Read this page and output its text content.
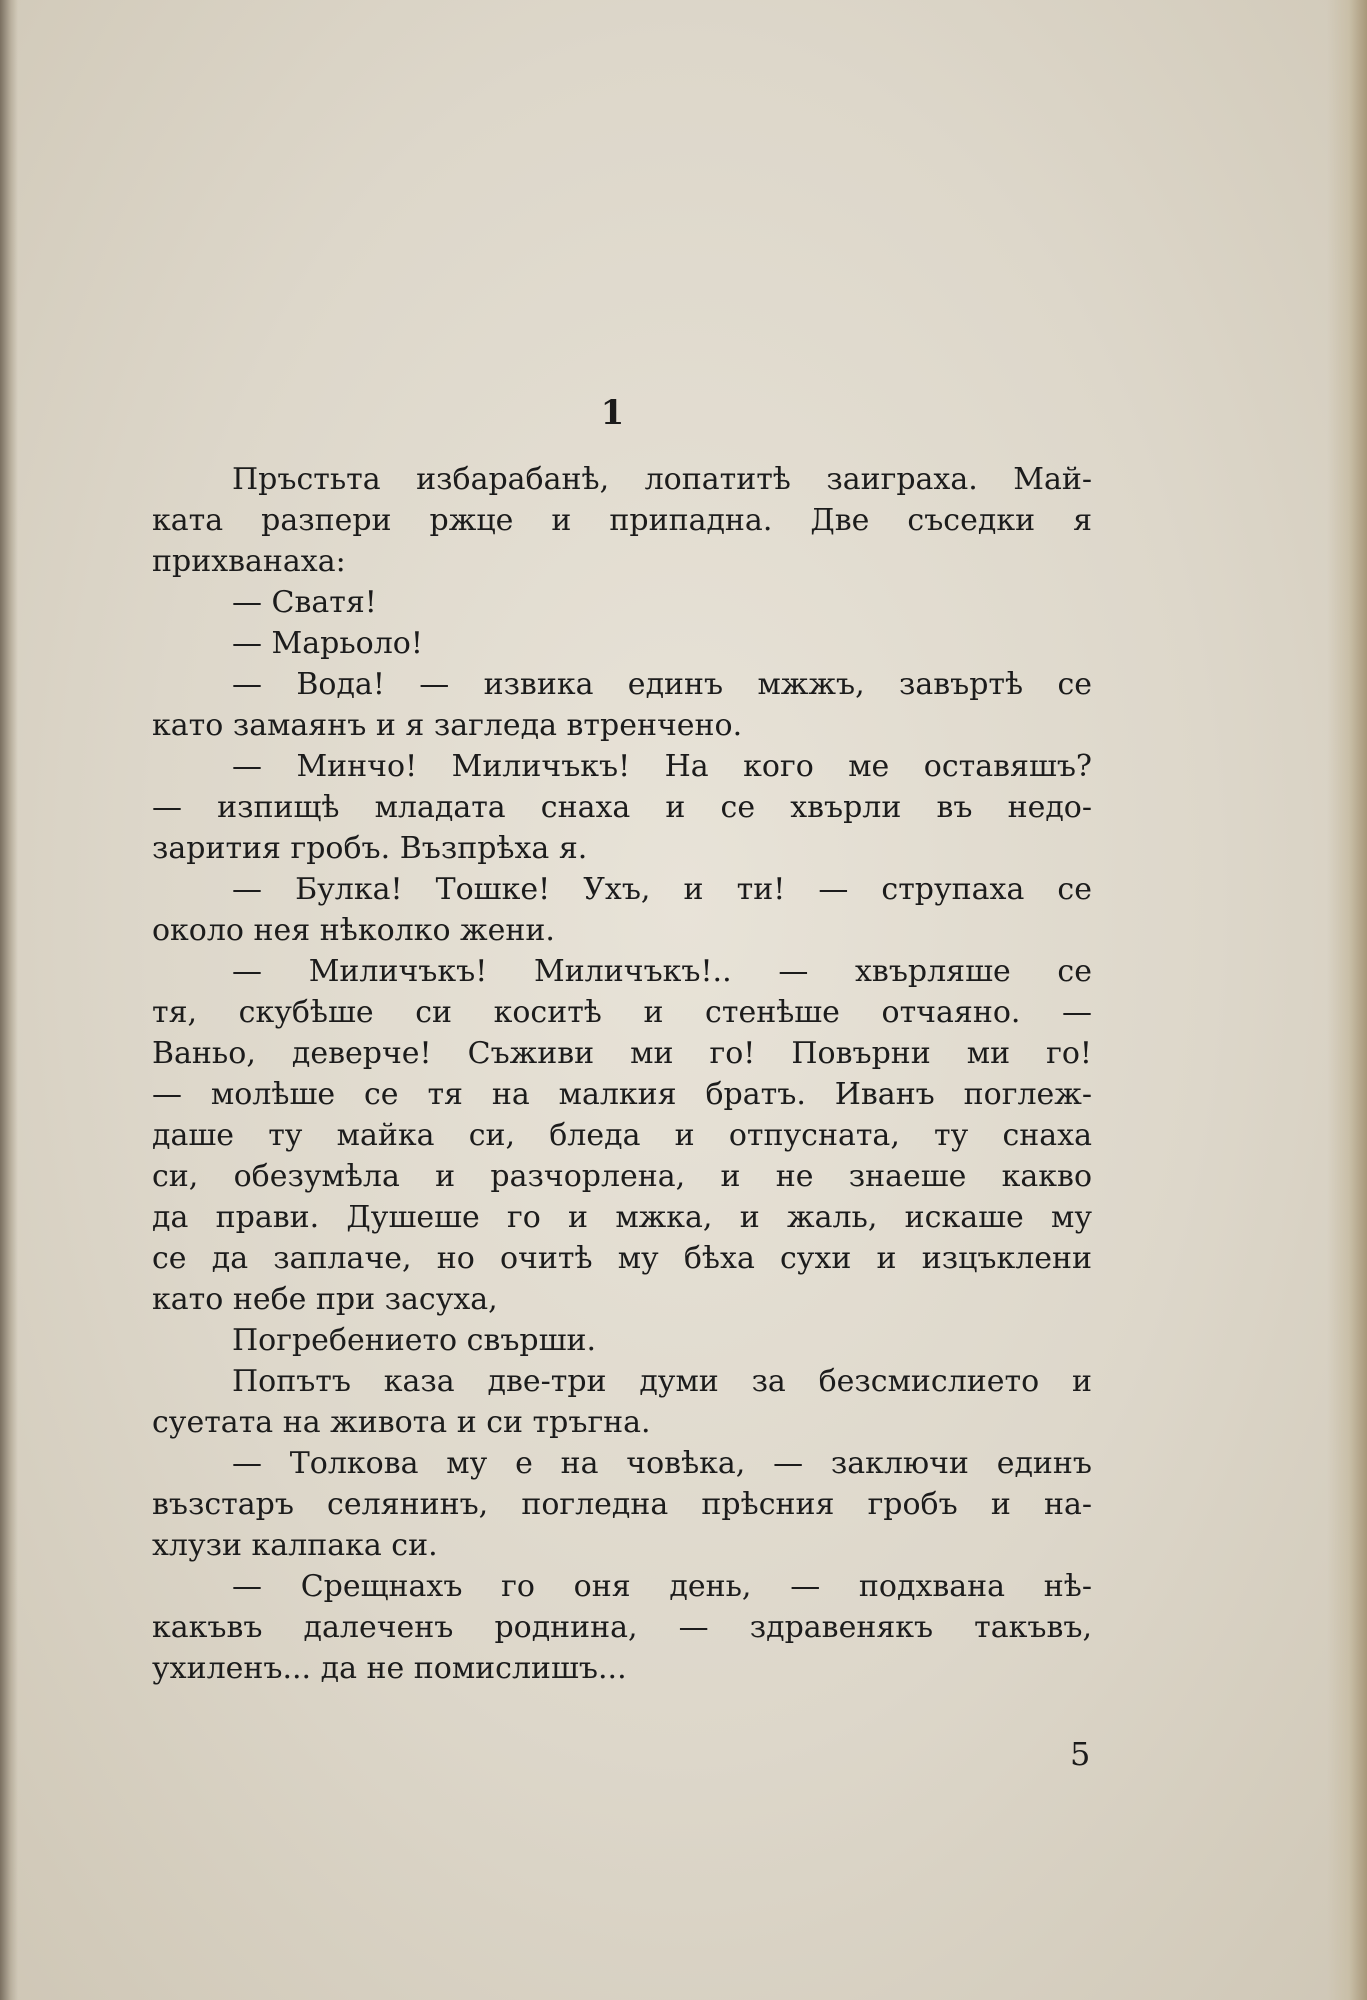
1
Пръстьта избарабанѣ, лопатитѣ заиграха. Май-
ката разпери ржце и припадна. Две съседки я
прихванаха:
— Сватя!
— Марьоло!
— Вода! — извика единъ мжжъ, завъртѣ се
като замаянъ и я загледа втренчено.
— Минчо! Миличъкъ! На кого ме оставяшъ?
— изпищѣ младата снаха и се хвърли въ недо-
зарития гробъ. Възпрѣха я.
— Булка! Тошке! Ухъ, и ти! — струпаха се
около нея нѣколко жени.
— Миличъкъ! Миличъкъ!.. — хвърляше се
тя, скубѣше си коситѣ и стенѣше отчаяно. —
Ваньо, деверче! Съживи ми го! Повърни ми го!
— молѣше се тя на малкия братъ. Иванъ поглеж-
даше ту майка си, бледа и отпусната, ту снаха
си, обезумѣла и разчорлена, и не знаеше какво
да прави. Душеше го и мжка, и жаль, искаше му
се да заплаче, но очитѣ му бѣха сухи и изцъклени
като небе при засуха,
Погребението свърши.
Попътъ каза две-три думи за безсмислието и
суетата на живота и си тръгна.
— Толкова му е на човѣка, — заключи единъ
възстаръ селянинъ, погледна прѣсния гробъ и на-
хлузи калпака си.
— Срещнахъ го оня день, — подхвана нѣ-
какъвъ далеченъ роднина, — здравенякъ такъвъ,
ухиленъ... да не помислишъ...
5
